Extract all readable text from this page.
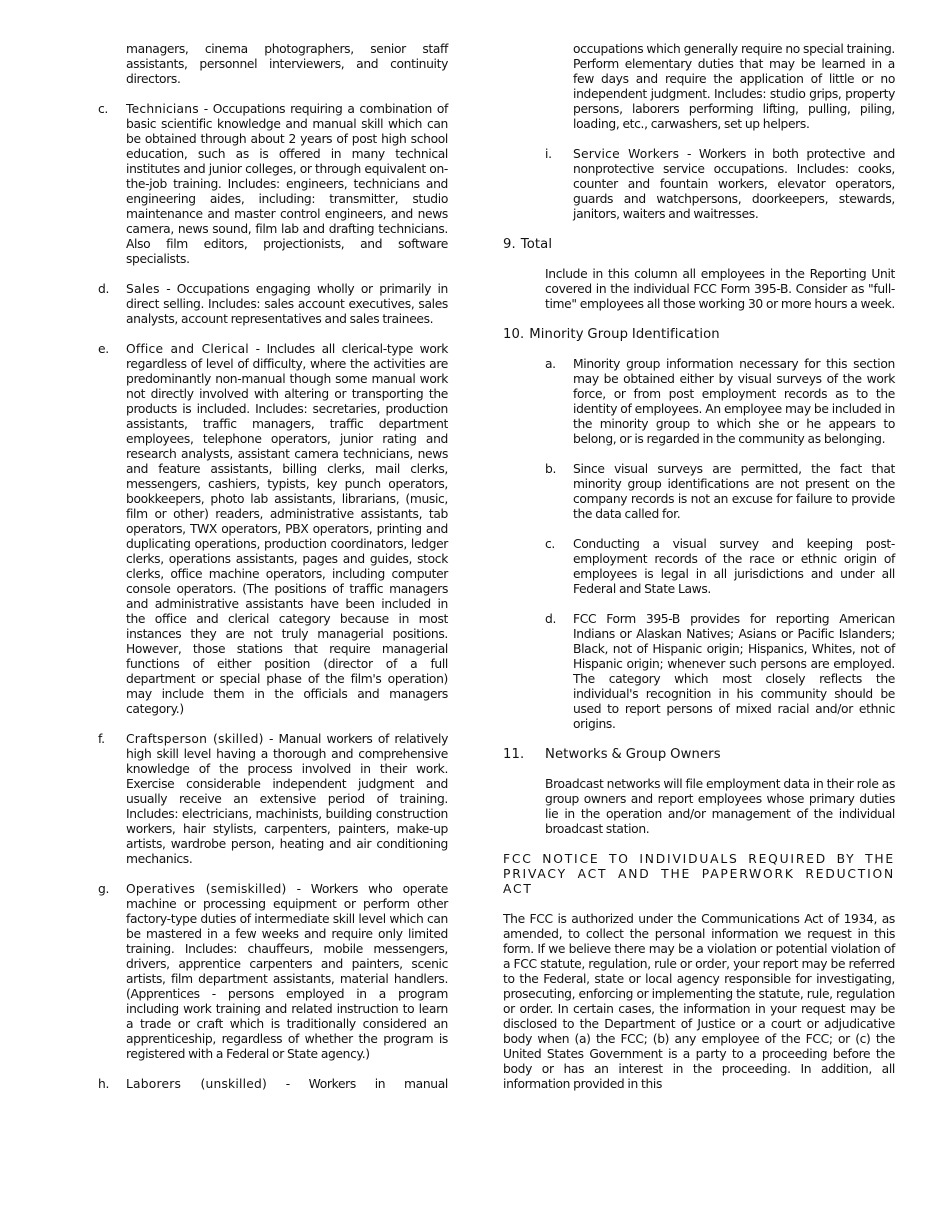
managers, cinema photographers, senior staff assistants, personnel interviewers, and continuity directors.

c. Technicians - Occupations requiring a combination of basic scientific knowledge and manual skill which can be obtained through about 2 years of post high school education, such as is offered in many technical institutes and junior colleges, or through equivalent on-the-job training. Includes: engineers, technicians and engineering aides, including: transmitter, studio maintenance and master control engineers, and news camera, news sound, film lab and drafting technicians. Also film editors, projectionists, and software specialists.

d. Sales - Occupations engaging wholly or primarily in direct selling. Includes: sales account executives, sales analysts, account representatives and sales trainees.

e. Office and Clerical - Includes all clerical-type work regardless of level of difficulty, where the activities are predominantly non-manual though some manual work not directly involved with altering or transporting the products is included. Includes: secretaries, production assistants, traffic managers, traffic department employees, telephone operators, junior rating and research analysts, assistant camera technicians, news and feature assistants, billing clerks, mail clerks, messengers, cashiers, typists, key punch operators, bookkeepers, photo lab assistants, librarians, (music, film or other) readers, administrative assistants, tab operators, TWX operators, PBX operators, printing and duplicating operations, production coordinators, ledger clerks, operations assistants, pages and guides, stock clerks, office machine operators, including computer console operators. (The positions of traffic managers and administrative assistants have been included in the office and clerical category because in most instances they are not truly managerial positions. However, those stations that require managerial functions of either position (director of a full department or special phase of the film's operation) may include them in the officials and managers category.)

f. Craftsperson (skilled) - Manual workers of relatively high skill level having a thorough and comprehensive knowledge of the process involved in their work. Exercise considerable independent judgment and usually receive an extensive period of training. Includes: electricians, machinists, building construction workers, hair stylists, carpenters, painters, make-up artists, wardrobe person, heating and air conditioning mechanics.

g. Operatives (semiskilled) - Workers who operate machine or processing equipment or perform other factory-type duties of intermediate skill level which can be mastered in a few weeks and require only limited training. Includes: chauffeurs, mobile messengers, drivers, apprentice carpenters and painters, scenic artists, film department assistants, material handlers. (Apprentices - persons employed in a program including work training and related instruction to learn a trade or craft which is traditionally considered an apprenticeship, regardless of whether the program is registered with a Federal or State agency.)

h. Laborers (unskilled) - Workers in manual

occupations which generally require no special training. Perform elementary duties that may be learned in a few days and require the application of little or no independent judgment. Includes: studio grips, property persons, laborers performing lifting, pulling, piling, loading, etc., carwashers, set up helpers.

i. Service Workers - Workers in both protective and nonprotective service occupations. Includes: cooks, counter and fountain workers, elevator operators, guards and watchpersons, doorkeepers, stewards, janitors, waiters and waitresses.

9. Total

Include in this column all employees in the Reporting Unit covered in the individual FCC Form 395-B. Consider as "full-time" employees all those working 30 or more hours a week.

10. Minority Group Identification
a. Minority group information necessary for this section may be obtained either by visual surveys of the work force, or from post employment records as to the identity of employees. An employee may be included in the minority group to which she or he appears to belong, or is regarded in the community as belonging.

b. Since visual surveys are permitted, the fact that minority group identifications are not present on the company records is not an excuse for failure to provide the data called for.

c. Conducting a visual survey and keeping post-employment records of the race or ethnic origin of employees is legal in all jurisdictions and under all Federal and State Laws.

d. FCC Form 395-B provides for reporting American Indians or Alaskan Natives; Asians or Pacific Islanders; Black, not of Hispanic origin; Hispanics, Whites, not of Hispanic origin; whenever such persons are employed. The category which most closely reflects the individual's recognition in his community should be used to report persons of mixed racial and/or ethnic origins.

11. Networks & Group Owners

Broadcast networks will file employment data in their role as group owners and report employees whose primary duties lie in the operation and/or management of the individual broadcast station.

FCC NOTICE TO INDIVIDUALS REQUIRED BY THE PRIVACY ACT AND THE PAPERWORK REDUCTION ACT

The FCC is authorized under the Communications Act of 1934, as amended, to collect the personal information we request in this form. If we believe there may be a violation or potential violation of a FCC statute, regulation, rule or order, your report may be referred to the Federal, state or local agency responsible for investigating, prosecuting, enforcing or implementing the statute, rule, regulation or order. In certain cases, the information in your request may be disclosed to the Department of Justice or a court or adjudicative body when (a) the FCC; (b) any employee of the FCC; or (c) the United States Government is a party to a proceeding before the body or has an interest in the proceeding. In addition, all information provided in this
